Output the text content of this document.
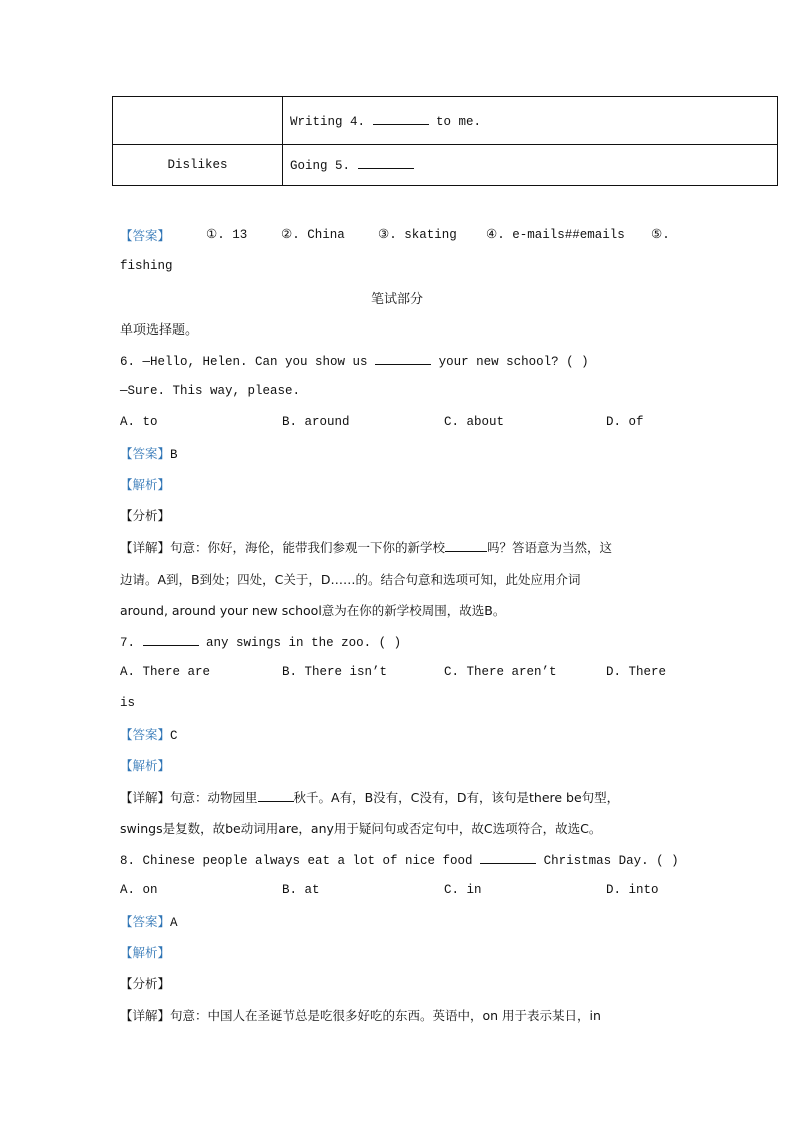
	Writing 4. to me.
Dislikes	Going 5.
【答案】	①. 13	②. China	③. skating ④. e-mails##emails ⑤.
fishing
笔试部分
单项选择题。
6. —Hello, Helen. Can you show us	your new school? ( )
—Sure. This way, please.
A. to	B. around	C. about	D. of
【答案】B
【解析】
【分析】
【详解】句意：你好，海伦，能带我们参观一下你的新学校	吗？答语意为当然，这
边请。A到，B到处；四处，C关于，D……的。结合句意和选项可知，此处应用介词
around, around your new school意为在你的新学校周围，故选B。
7.	any swings in the zoo. ( )
A. There are	B. There isn’t	C. There aren’t	D. There
is
【答案】C
【解析】
【详解】句意：动物园里	秋千。A有，B没有，C没有，D有，该句是there be句型，
swings是复数，故be动词用are，any用于疑问句或否定句中，故C选项符合，故选C。
8. Chinese people always eat a lot of nice food	Christmas Day. ( )
A. on	B. at	C. in	D. into
【答案】A
【解析】
【分析】
【详解】句意：中国人在圣诞节总是吃很多好吃的东西。英语中，on 用于表示某日，in
